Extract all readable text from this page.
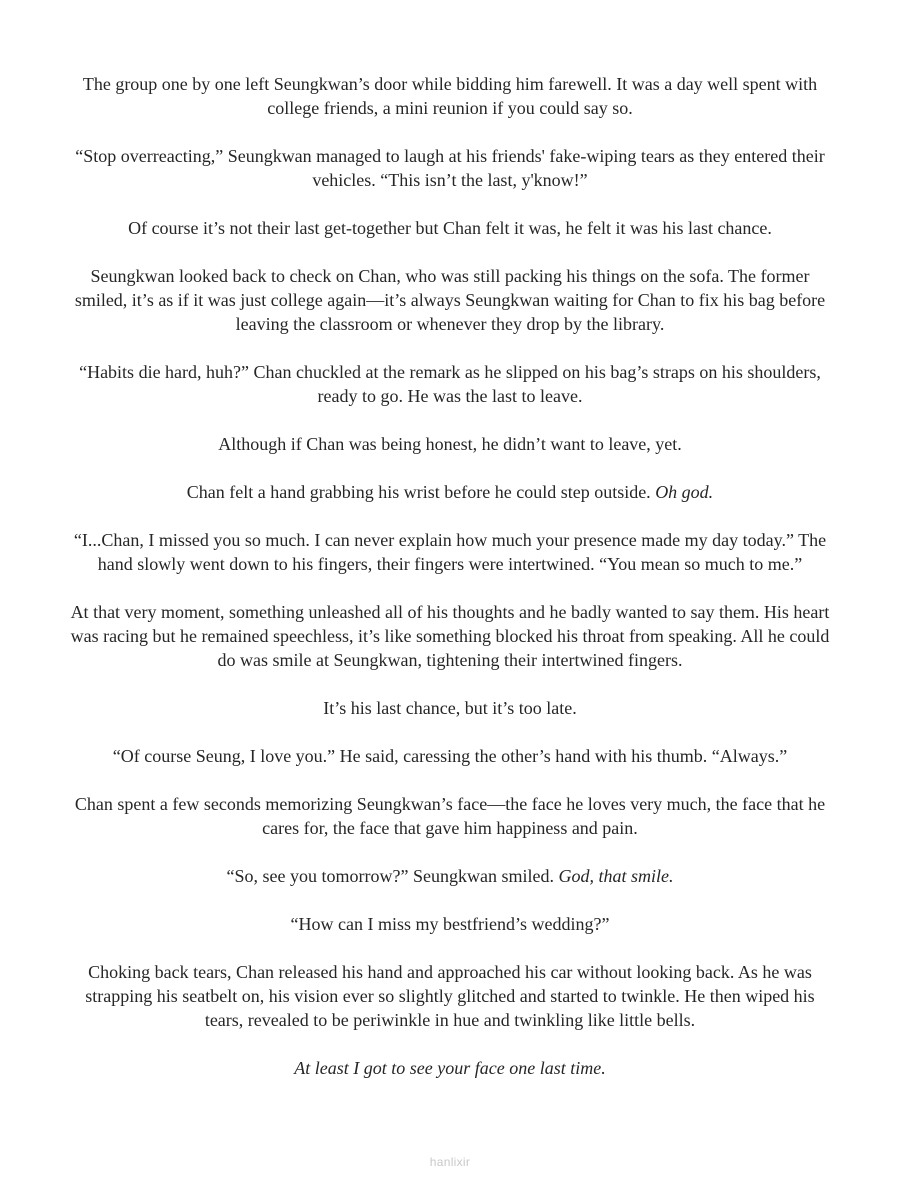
The group one by one left Seungkwan’s door while bidding him farewell. It was a day well spent with college friends, a mini reunion if you could say so.

“Stop overreacting,” Seungkwan managed to laugh at his friends' fake-wiping tears as they entered their vehicles. “This isn’t the last, y'know!”

Of course it’s not their last get-together but Chan felt it was, he felt it was his last chance.

Seungkwan looked back to check on Chan, who was still packing his things on the sofa. The former smiled, it’s as if it was just college again—it’s always Seungkwan waiting for Chan to fix his bag before leaving the classroom or whenever they drop by the library.

“Habits die hard, huh?” Chan chuckled at the remark as he slipped on his bag’s straps on his shoulders, ready to go. He was the last to leave.

Although if Chan was being honest, he didn’t want to leave, yet.

Chan felt a hand grabbing his wrist before he could step outside. Oh god.

“I...Chan, I missed you so much. I can never explain how much your presence made my day today.” The hand slowly went down to his fingers, their fingers were intertwined. “You mean so much to me.”

At that very moment, something unleashed all of his thoughts and he badly wanted to say them. His heart was racing but he remained speechless, it’s like something blocked his throat from speaking. All he could do was smile at Seungkwan, tightening their intertwined fingers.

It’s his last chance, but it’s too late.

“Of course Seung, I love you.” He said, caressing the other’s hand with his thumb. “Always.”

Chan spent a few seconds memorizing Seungkwan’s face—the face he loves very much, the face that he cares for, the face that gave him happiness and pain.

“So, see you tomorrow?” Seungkwan smiled. God, that smile.

“How can I miss my bestfriend’s wedding?”

Choking back tears, Chan released his hand and approached his car without looking back. As he was strapping his seatbelt on, his vision ever so slightly glitched and started to twinkle. He then wiped his tears, revealed to be periwinkle in hue and twinkling like little bells.

At least I got to see your face one last time.

hanlixir
